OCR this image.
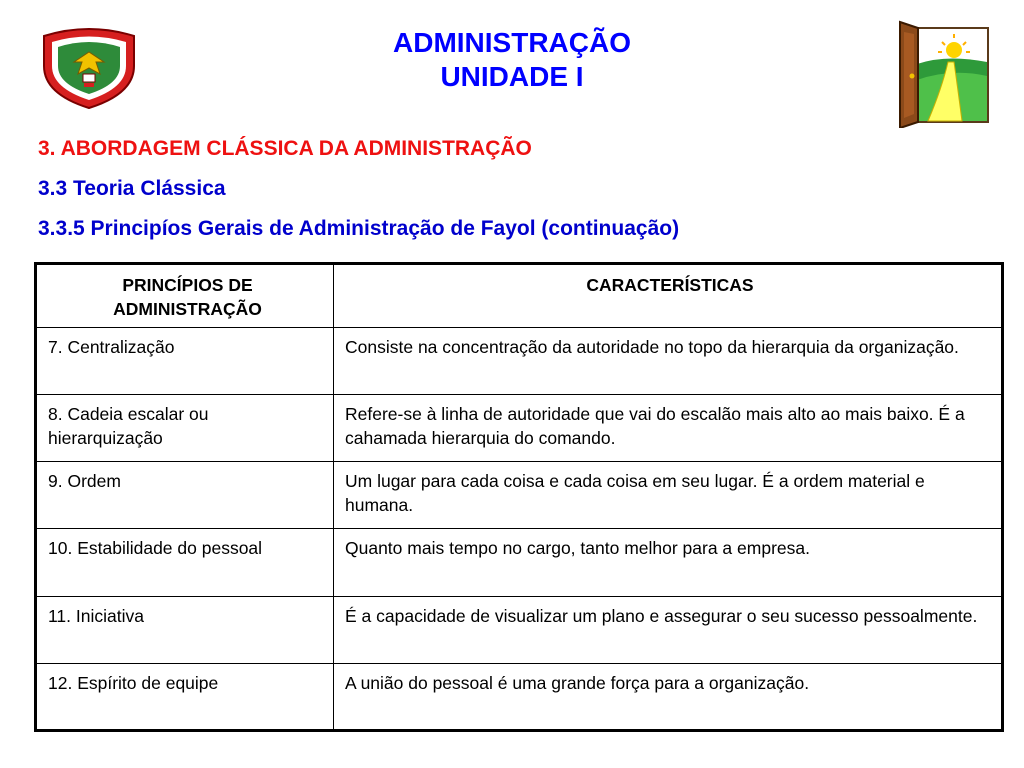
ADMINISTRAÇÃO
UNIDADE I
3. ABORDAGEM CLÁSSICA DA ADMINISTRAÇÃO
3.3 Teoria Clássica
3.3.5 Principíos Gerais de Administração de Fayol (continuação)
PRINCÍPIOS DE ADMINISTRAÇÃO	CARACTERÍSTICAS
7. Centralização	Consiste na concentração da autoridade no topo da hierarquia da organização.
8. Cadeia escalar ou hierarquização	Refere-se à linha de autoridade que vai do escalão mais alto ao mais baixo. É a cahamada hierarquia do comando.
9. Ordem	Um lugar para cada coisa e cada coisa em seu lugar. É a ordem material e humana.
10. Estabilidade do pessoal	Quanto mais tempo no cargo, tanto melhor para a empresa.
11. Iniciativa	É a capacidade de visualizar um plano e assegurar o seu sucesso pessoalmente.
12. Espírito de equipe	A união do pessoal é uma grande força para a organização.
